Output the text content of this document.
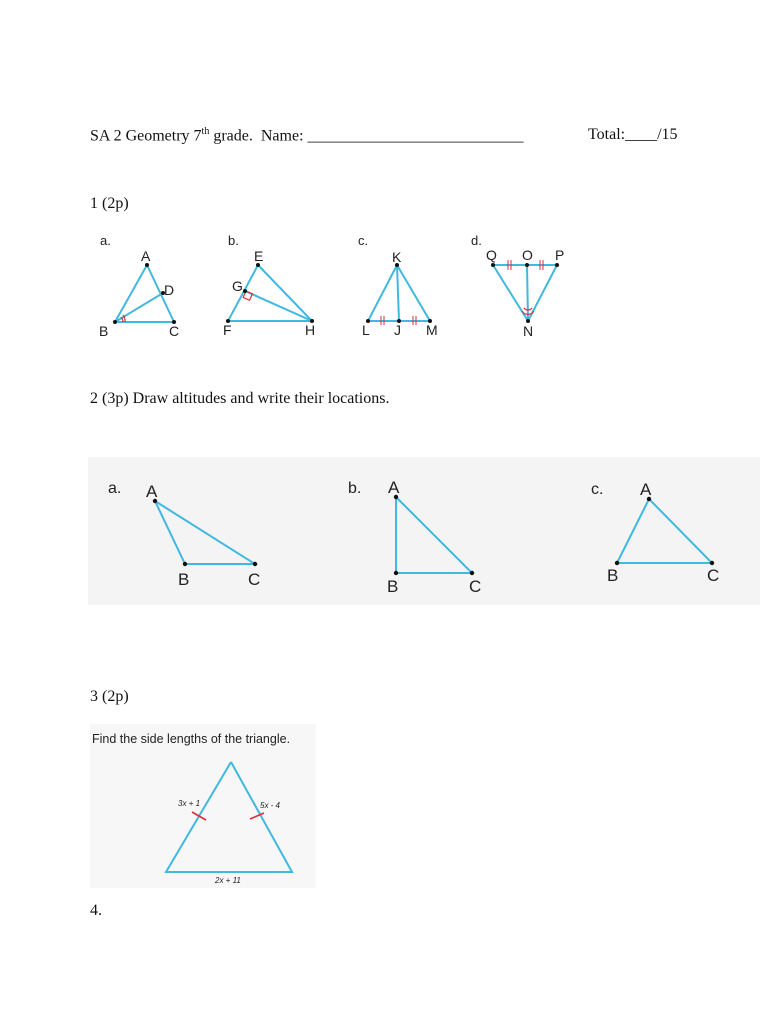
SA 2 Geometry 7th grade.  Name: ___________________________	Total:____/15
1 (2p)
a.
A
B	C
D
b.
E
F
G
H
c.
K
L J M
d.
Q O P
N
2 (3p) Draw altitudes and write their locations.
a. A
B	C
b. A
B	C
c. A
B	C
3 (2p)
Find the side lengths of the triangle.
3x + 1	5x - 4
2x + 11
4.
